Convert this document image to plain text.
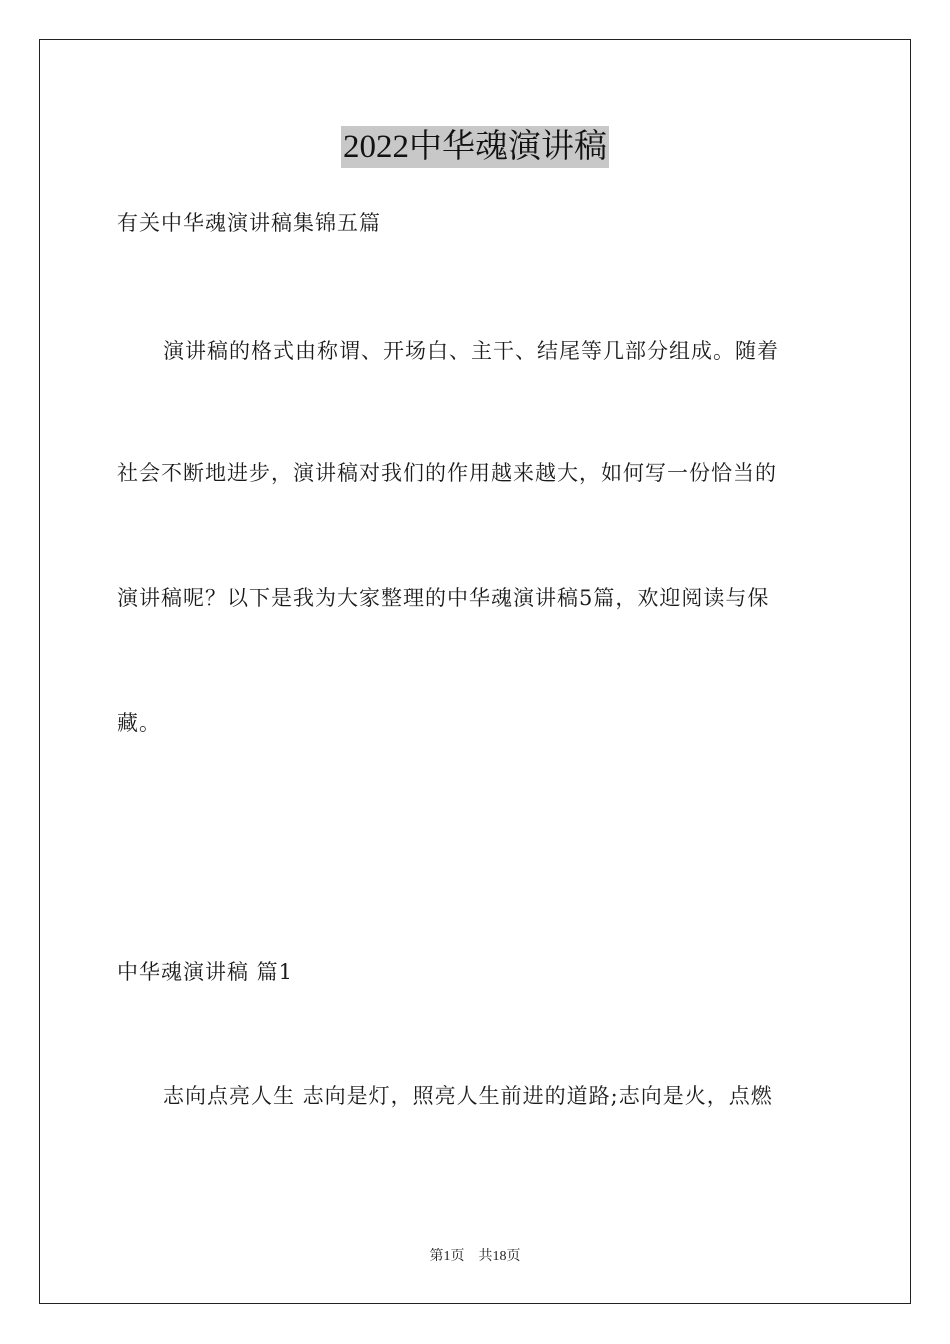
2022中华魂演讲稿
有关中华魂演讲稿集锦五篇
演讲稿的格式由称谓、开场白、主干、结尾等几部分组成。随着
社会不断地进步，演讲稿对我们的作用越来越大，如何写一份恰当的
演讲稿呢？以下是我为大家整理的中华魂演讲稿5篇，欢迎阅读与保
藏。
中华魂演讲稿 篇1
志向点亮人生 志向是灯，照亮人生前进的道路;志向是火，点燃
第1页　共18页
